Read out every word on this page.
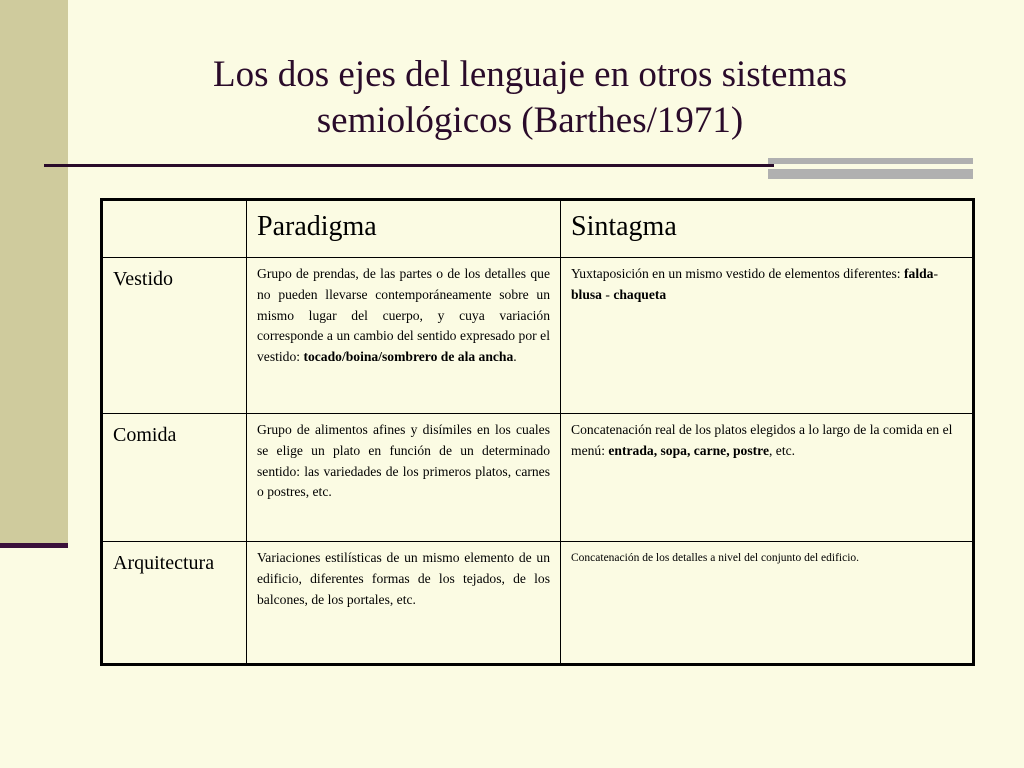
Los dos ejes del lenguaje en otros sistemas
semiológicos (Barthes/1971)
	Paradigma	Sintagma
Vestido	Grupo de prendas, de las partes o de los detalles que no pueden llevarse contemporáneamente sobre un mismo lugar del cuerpo, y cuya variación corresponde a un cambio del sentido expresado por el vestido: tocado/boina/sombrero de ala ancha.	Yuxtaposición en un mismo vestido de elementos diferentes: falda- blusa - chaqueta
Comida	Grupo de alimentos afines y disímiles en los cuales se elige un plato en función de un determinado sentido: las variedades de los primeros platos, carnes o postres, etc.	Concatenación real de los platos elegidos a lo largo de la comida en el menú: entrada, sopa, carne, postre, etc.
Arquitectura	Variaciones estilísticas de un mismo elemento de un edificio, diferentes formas de los tejados, de los balcones, de los portales, etc.	Concatenación de los detalles a nivel del conjunto del edificio.
